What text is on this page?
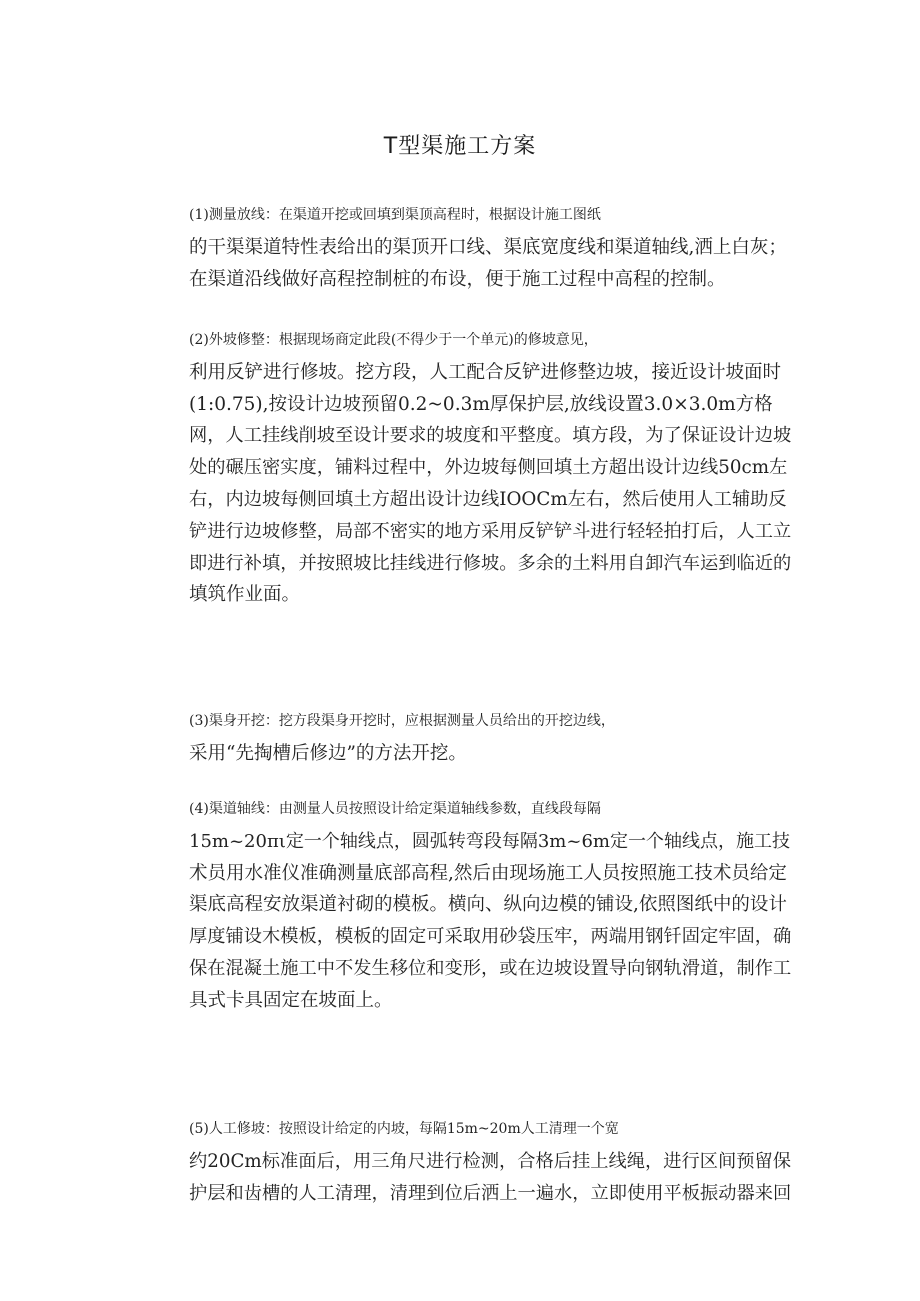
T型渠施工方案

(1)测量放线：在渠道开挖或回填到渠顶高程时，根据设计施工图纸
的干渠渠道特性表给出的渠顶开口线、渠底宽度线和渠道轴线,洒上白灰；
在渠道沿线做好高程控制桩的布设，便于施工过程中高程的控制。

(2)外坡修整：根据现场商定此段(不得少于一个单元)的修坡意见，
利用反铲进行修坡。挖方段，人工配合反铲进修整边坡，接近设计坡面时
(1:0.75),按设计边坡预留0.2~0.3m厚保护层,放线设置3.0×3.0m方格
网，人工挂线削坡至设计要求的坡度和平整度。填方段，为了保证设计边坡
处的碾压密实度，铺料过程中，外边坡每侧回填土方超出设计边线50cm左
右，内边坡每侧回填土方超出设计边线IOOCm左右，然后使用人工辅助反
铲进行边坡修整，局部不密实的地方采用反铲铲斗进行轻轻拍打后，人工立
即进行补填，并按照坡比挂线进行修坡。多余的土料用自卸汽车运到临近的
填筑作业面。

(3)渠身开挖：挖方段渠身开挖时，应根据测量人员给出的开挖边线，
采用“先掏槽后修边”的方法开挖。

(4)渠道轴线：由测量人员按照设计给定渠道轴线参数，直线段每隔
15m~20πι定一个轴线点，圆弧转弯段每隔3m~6m定一个轴线点，施工技
术员用水准仪准确测量底部高程,然后由现场施工人员按照施工技术员给定
渠底高程安放渠道衬砌的模板。横向、纵向边模的铺设,依照图纸中的设计
厚度铺设木模板，模板的固定可采取用砂袋压牢，两端用钢钎固定牢固，确
保在混凝土施工中不发生移位和变形，或在边坡设置导向钢轨滑道，制作工
具式卡具固定在坡面上。

(5)人工修坡：按照设计给定的内坡，每隔15m~20m人工清理一个宽
约20Cm标准面后，用三角尺进行检测，合格后挂上线绳，进行区间预留保
护层和齿槽的人工清理，清理到位后洒上一遍水，立即使用平板振动器来回
